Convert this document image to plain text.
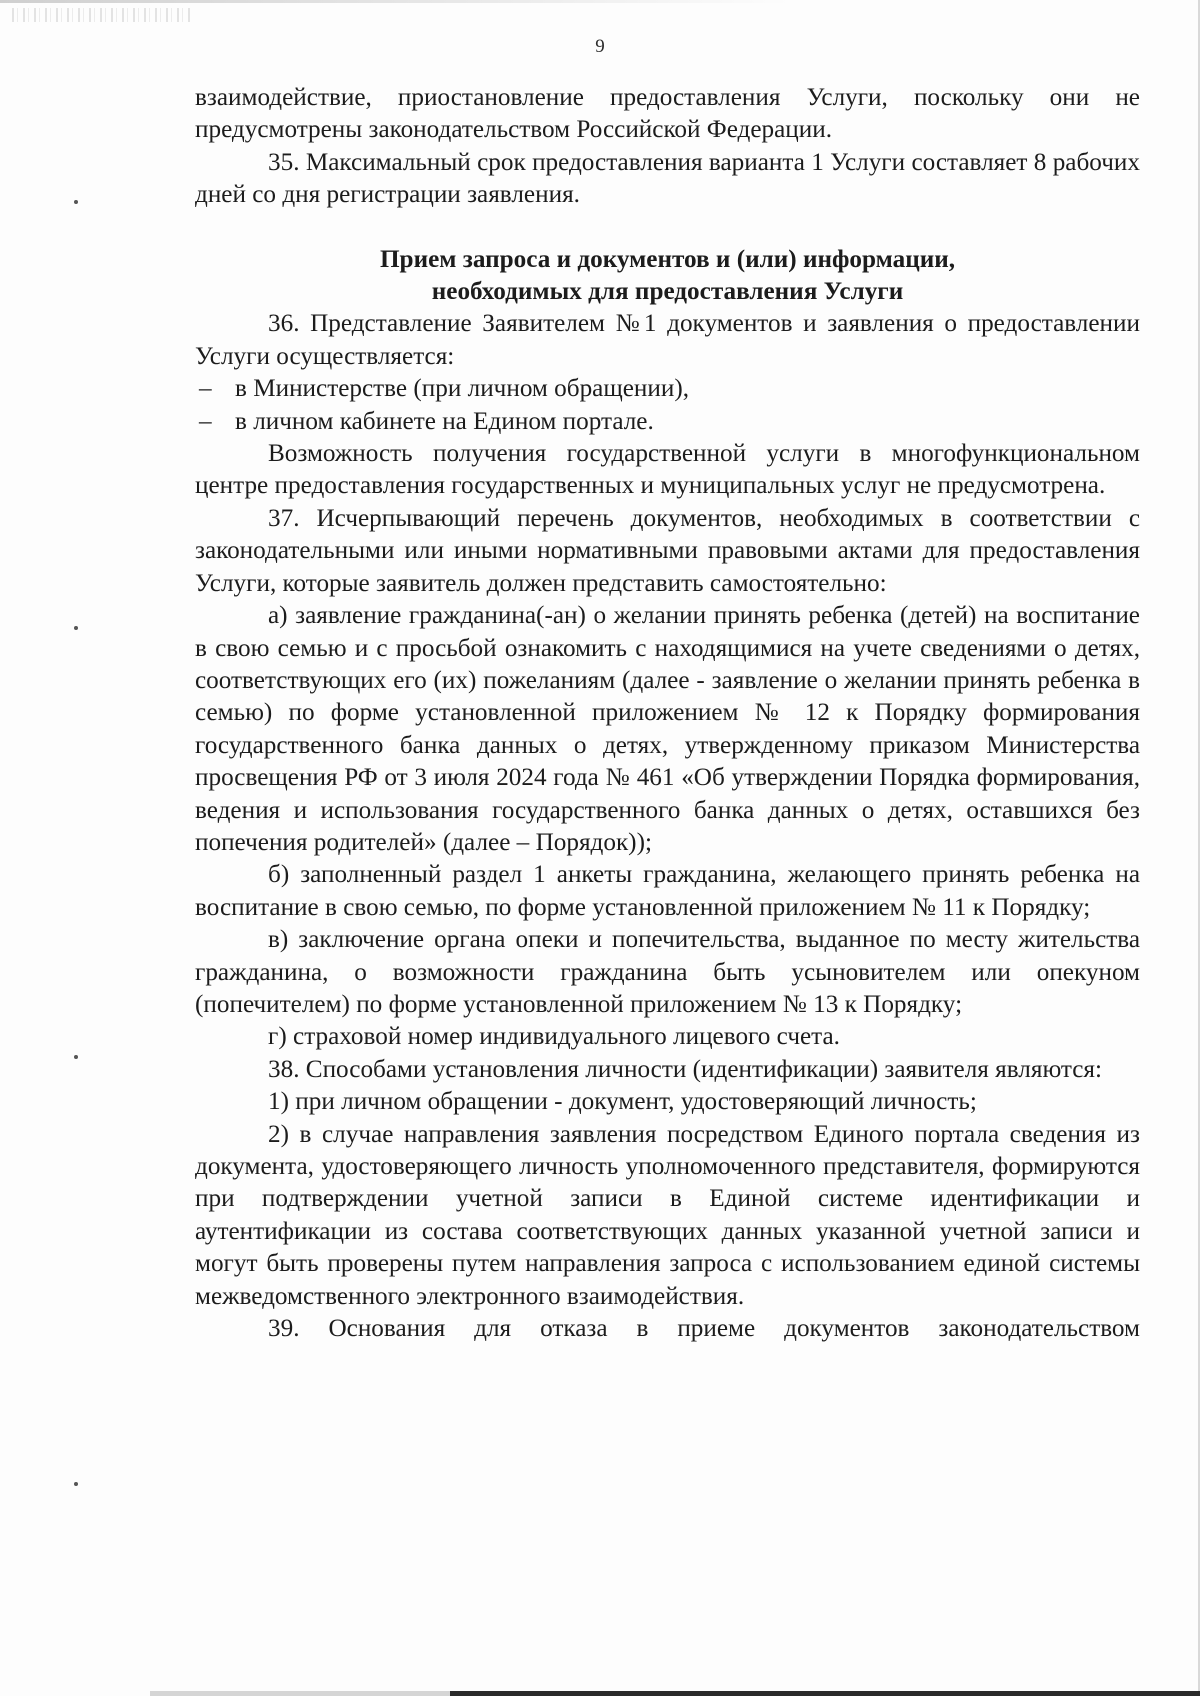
9

взаимодействие, приостановление предоставления Услуги, поскольку они не предусмотрены законодательством Российской Федерации.

35. Максимальный срок предоставления варианта 1 Услуги составляет 8 рабочих дней со дня регистрации заявления.

Прием запроса и документов и (или) информации,
необходимых для предоставления Услуги

36. Представление Заявителем №1 документов и заявления о предоставлении Услуги осуществляется:

– в Министерстве (при личном обращении),

– в личном кабинете на Едином портале.

Возможность получения государственной услуги в многофункциональном центре предоставления государственных и муниципальных услуг не предусмотрена.

37. Исчерпывающий перечень документов, необходимых в соответствии с законодательными или иными нормативными правовыми актами для предоставления Услуги, которые заявитель должен представить самостоятельно:

а) заявление гражданина(-ан) о желании принять ребенка (детей) на воспитание в свою семью и с просьбой ознакомить с находящимися на учете сведениями о детях, соответствующих его (их) пожеланиям (далее - заявление о желании принять ребенка в семью) по форме установленной приложением № 12 к Порядку формирования государственного банка данных о детях, утвержденному приказом Министерства просвещения РФ от 3 июля 2024 года № 461 «Об утверждении Порядка формирования, ведения и использования государственного банка данных о детях, оставшихся без попечения родителей» (далее – Порядок));

б) заполненный раздел 1 анкеты гражданина, желающего принять ребенка на воспитание в свою семью, по форме установленной приложением № 11 к Порядку;

в) заключение органа опеки и попечительства, выданное по месту жительства гражданина, о возможности гражданина быть усыновителем или опекуном (попечителем) по форме установленной приложением № 13 к Порядку;

г) страховой номер индивидуального лицевого счета.

38. Способами установления личности (идентификации) заявителя являются:

1) при личном обращении - документ, удостоверяющий личность;

2) в случае направления заявления посредством Единого портала сведения из документа, удостоверяющего личность уполномоченного представителя, формируются при подтверждении учетной записи в Единой системе идентификации и аутентификации из состава соответствующих данных указанной учетной записи и могут быть проверены путем направления запроса с использованием единой системы межведомственного электронного взаимодействия.

39. Основания для отказа в приеме документов законодательством
